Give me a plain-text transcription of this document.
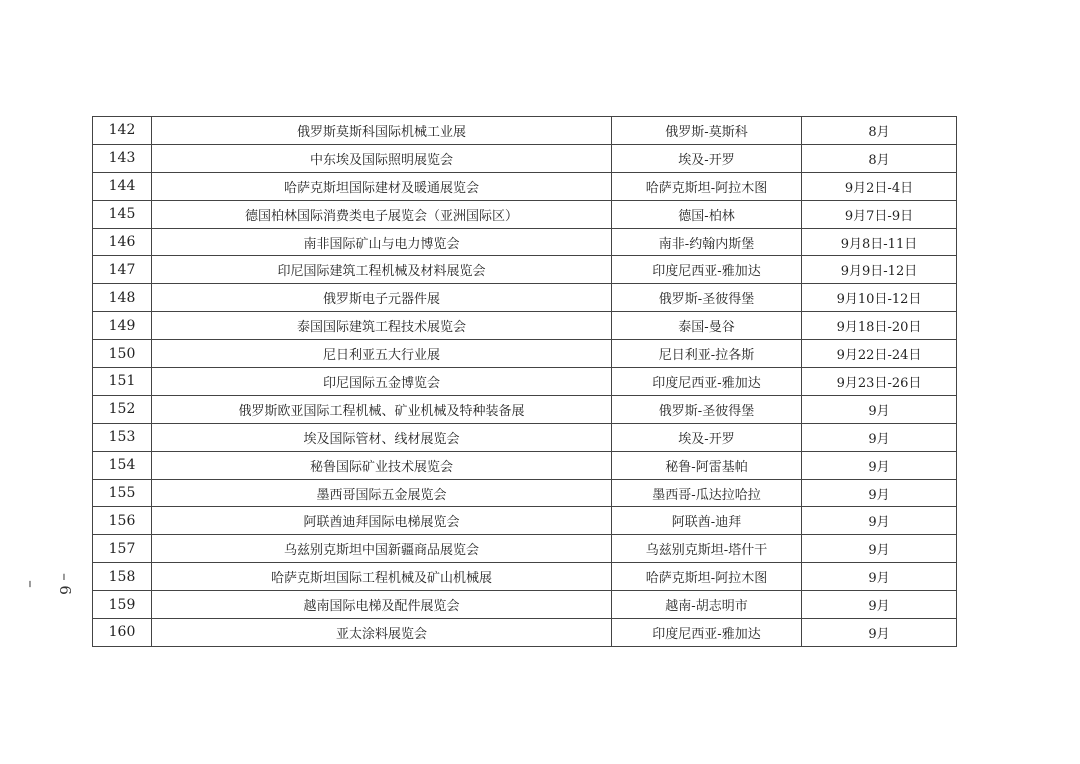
142	俄罗斯莫斯科国际机械工业展	俄罗斯-莫斯科	8月
143	中东埃及国际照明展览会	埃及-开罗	8月
144	哈萨克斯坦国际建材及暖通展览会	哈萨克斯坦-阿拉木图	9月2日-4日
145	德国柏林国际消费类电子展览会（亚洲国际区）	德国-柏林	9月7日-9日
146	南非国际矿山与电力博览会	南非-约翰内斯堡	9月8日-11日
147	印尼国际建筑工程机械及材料展览会	印度尼西亚-雅加达	9月9日-12日
148	俄罗斯电子元器件展	俄罗斯-圣彼得堡	9月10日-12日
149	泰国国际建筑工程技术展览会	泰国-曼谷	9月18日-20日
150	尼日利亚五大行业展	尼日利亚-拉各斯	9月22日-24日
151	印尼国际五金博览会	印度尼西亚-雅加达	9月23日-26日
152	俄罗斯欧亚国际工程机械、矿业机械及特种装备展	俄罗斯-圣彼得堡	9月
153	埃及国际管材、线材展览会	埃及-开罗	9月
154	秘鲁国际矿业技术展览会	秘鲁-阿雷基帕	9月
155	墨西哥国际五金展览会	墨西哥-瓜达拉哈拉	9月
156	阿联酋迪拜国际电梯展览会	阿联酋-迪拜	9月
157	乌兹别克斯坦中国新疆商品展览会	乌兹别克斯坦-塔什干	9月
158	哈萨克斯坦国际工程机械及矿山机械展	哈萨克斯坦-阿拉木图	9月
159	越南国际电梯及配件展览会	越南-胡志明市	9月
160	亚太涂料展览会	印度尼西亚-雅加达	9月
– 6 –
